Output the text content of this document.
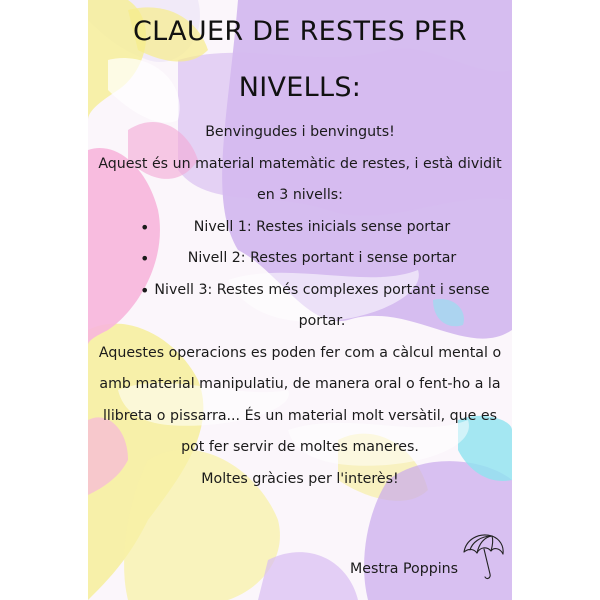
CLAUER DE RESTES PER
NIVELLS:

Benvingudes i benvinguts!

Aquest és un material matemàtic de restes, i està dividit en 3 nivells:

•	Nivell 1: Restes inicials sense portar
•	Nivell 2: Restes portant i sense portar
• Nivell 3: Restes més complexes portant i sense portar.

Aquestes operacions es poden fer com a càlcul mental o amb material manipulatiu, de manera oral o fent-ho a la llibreta o pissarra... És un material molt versàtil, que es pot fer servir de moltes maneres.

Moltes gràcies per l'interès!

Mestra Poppins
